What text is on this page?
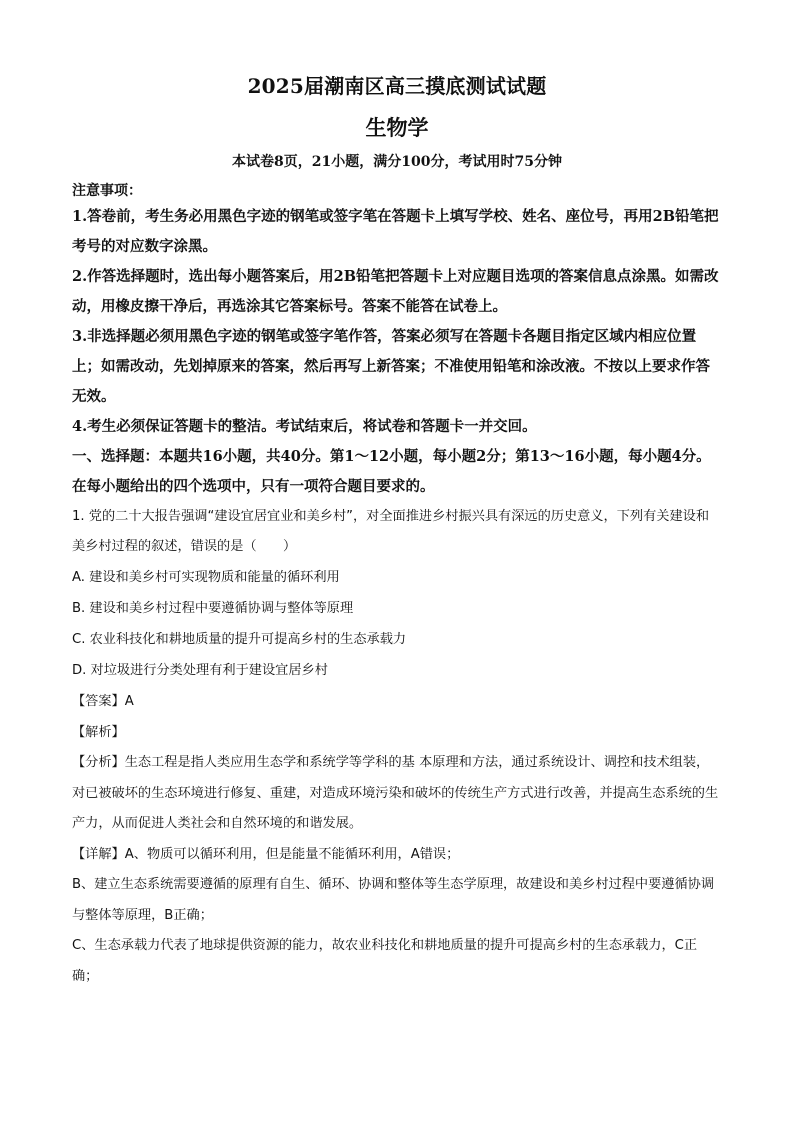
2025届潮南区高三摸底测试试题
生物学
本试卷8页，21小题，满分100分，考试用时75分钟
注意事项：

1.答卷前，考生务必用黑色字迹的钢笔或签字笔在答题卡上填写学校、姓名、座位号，再用2B铅笔把考号的对应数字涂黑。

2.作答选择题时，选出每小题答案后，用2B铅笔把答题卡上对应题目选项的答案信息点涂黑。如需改动，用橡皮擦干净后，再选涂其它答案标号。答案不能答在试卷上。

3.非选择题必须用黑色字迹的钢笔或签字笔作答，答案必须写在答题卡各题目指定区域内相应位置上；如需改动，先划掉原来的答案，然后再写上新答案；不准使用铅笔和涂改液。不按以上要求作答无效。

4.考生必须保证答题卡的整洁。考试结束后，将试卷和答题卡一并交回。

一、选择题：本题共16小题，共40分。第1～12小题，每小题2分；第13～16小题，每小题4分。在每小题给出的四个选项中，只有一项符合题目要求的。

1. 党的二十大报告强调“建设宜居宜业和美乡村”，对全面推进乡村振兴具有深远的历史意义，下列有关建设和美乡村过程的叙述，错误的是（　　）

A. 建设和美乡村可实现物质和能量的循环利用

B. 建设和美乡村过程中要遵循协调与整体等原理

C. 农业科技化和耕地质量的提升可提高乡村的生态承载力

D. 对垃圾进行分类处理有利于建设宜居乡村

【答案】A

【解析】

【分析】生态工程是指人类应用生态学和系统学等学科的基 本原理和方法，通过系统设计、调控和技术组装， 对已被破坏的生态环境进行修复、重建，对造成环境污染和破坏的传统生产方式进行改善，并提高生态系统的生产力，从而促进人类社会和自然环境的和谐发展。

【详解】A、物质可以循环利用，但是能量不能循环利用，A错误；

B、建立生态系统需要遵循的原理有自生、循环、协调和整体等生态学原理，故建设和美乡村过程中要遵循协调与整体等原理，B正确；

C、生态承载力代表了地球提供资源的能力，故农业科技化和耕地质量的提升可提高乡村的生态承载力，C正确；
